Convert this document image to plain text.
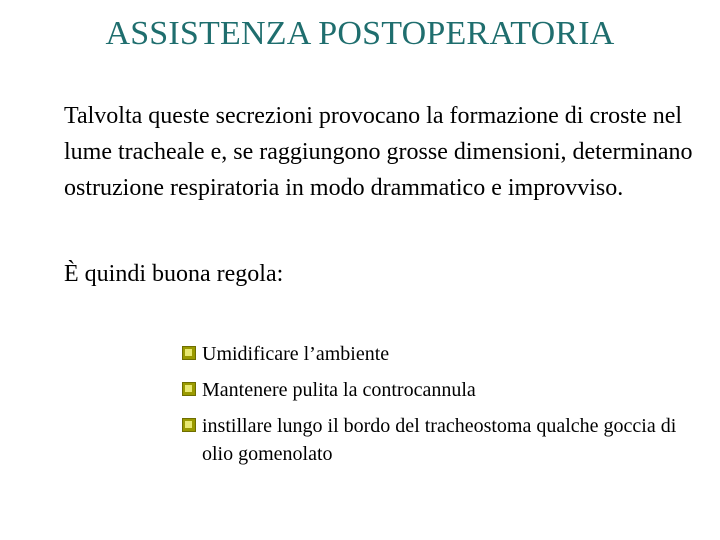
ASSISTENZA POSTOPERATORIA
Talvolta queste secrezioni provocano la formazione di croste nel lume tracheale e, se raggiungono grosse dimensioni, determinano ostruzione respiratoria in modo drammatico e improvviso.
È quindi buona regola:
Umidificare l’ambiente
Mantenere pulita la controcannula
instillare lungo il bordo del tracheostoma qualche goccia di olio gomenolato
